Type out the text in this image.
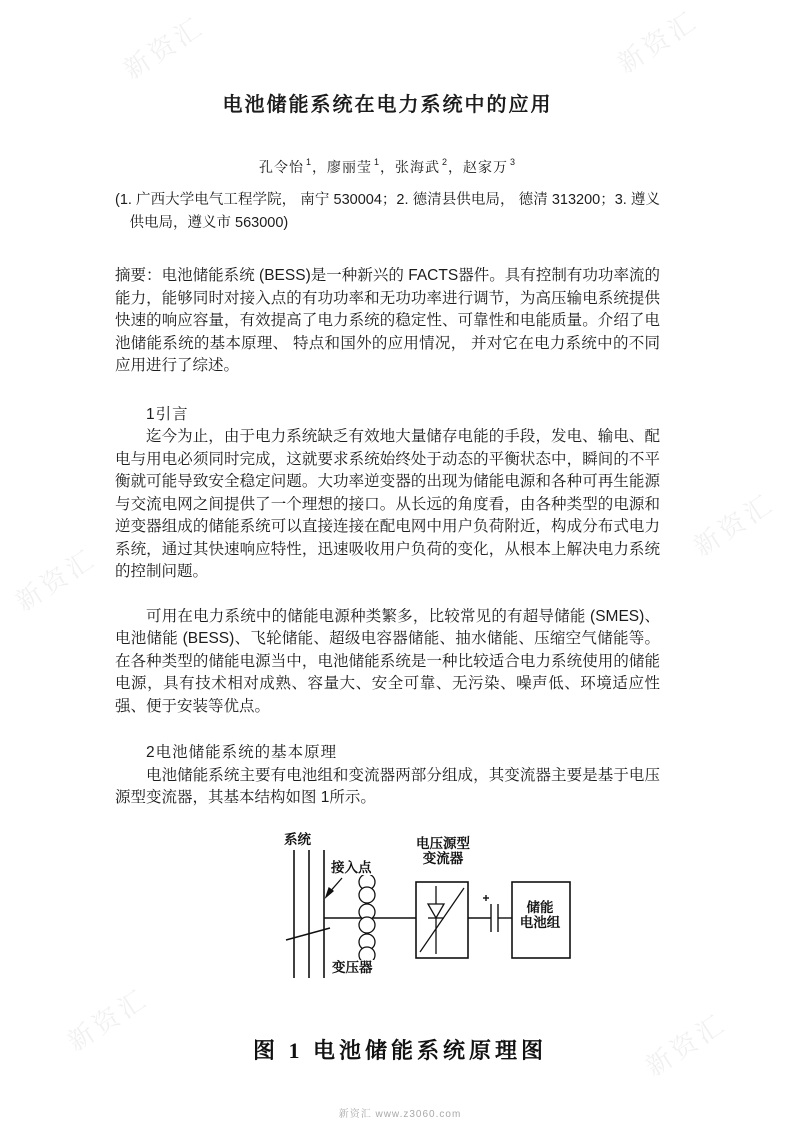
新资汇	新资汇
新资汇
新资汇
新资汇	新资汇
电池储能系统在电力系统中的应用
孔令怡 $^1$，廖丽莹 $^1$，张海武 $^2$，赵家万 $^3$
(1. 广西大学电气工程学院， 南宁 530004；2. 德清县供电局， 德清 313200；3. 遵义 供电局，遵义市 563000)

摘要：电池储能系统 (BESS)是一种新兴的 FACTS器件。具有控制有功功率流的能力，能够同时对接入点的有功功率和无功功率进行调节，为高压输电系统提供快速的响应容量，有效提高了电力系统的稳定性、可靠性和电能质量。介绍了电池储能系统的基本原理、 特点和国外的应用情况， 并对它在电力系统中的不同应用进行了综述。

1引言

迄今为止，由于电力系统缺乏有效地大量储存电能的手段，发电、输电、配电与用电必须同时完成，这就要求系统始终处于动态的平衡状态中，瞬间的不平衡就可能导致安全稳定问题。大功率逆变器的出现为储能电源和各种可再生能源与交流电网之间提供了一个理想的接口。从长远的角度看，由各种类型的电源和逆变器组成的储能系统可以直接连接在配电网中用户负荷附近，构成分布式电力系统，通过其快速响应特性，迅速吸收用户负荷的变化，从根本上解决电力系统的控制问题。

可用在电力系统中的储能电源种类繁多，比较常见的有超导储能 (SMES)、电池储能 (BESS)、飞轮储能、超级电容器储能、抽水储能、压缩空气储能等。在各种类型的储能电源当中，电池储能系统是一种比较适合电力系统使用的储能电源，具有技术相对成熟、容量大、安全可靠、无污染、噪声低、环境适应性强、便于安装等优点。

2电池储能系统的基本原理

电池储能系统主要有电池组和变流器两部分组成，其变流器主要是基于电压源型变流器，其基本结构如图 1所示。

系统
接入点
变压器
电压源型
变流器
储能
电池组
图 1 电池储能系统原理图
新资汇 www.z3060.com
